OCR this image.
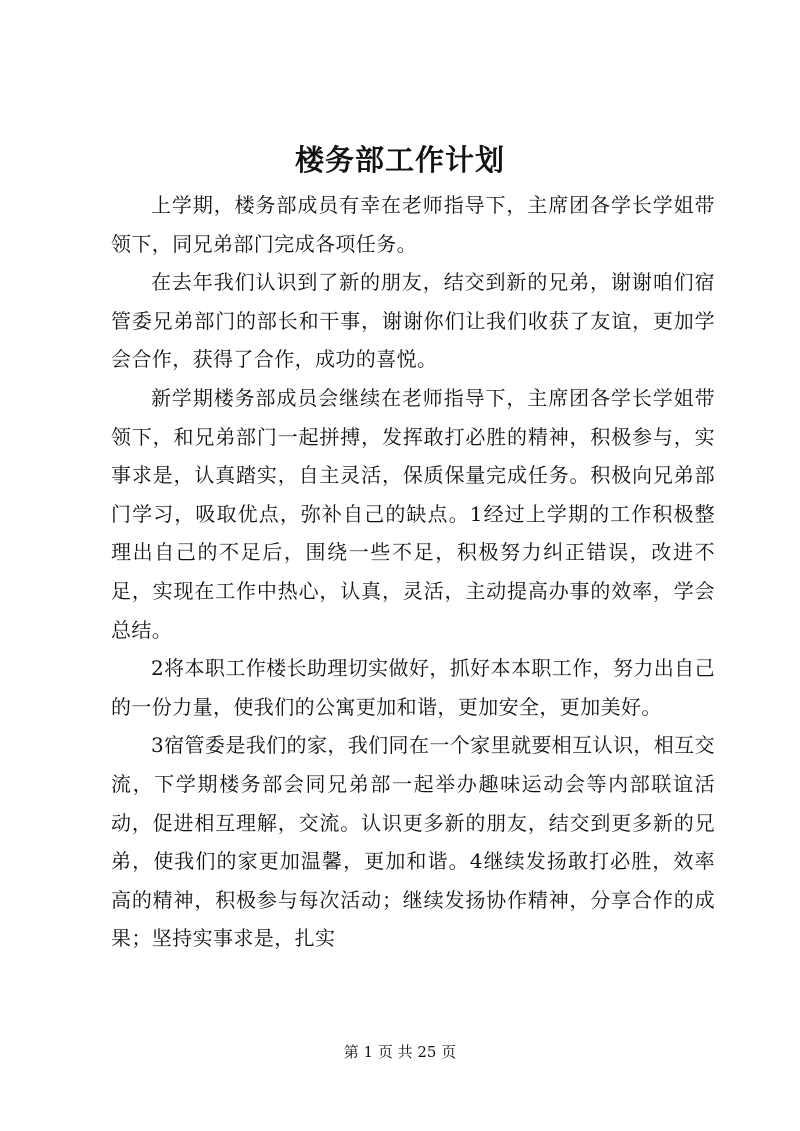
楼务部工作计划

上学期，楼务部成员有幸在老师指导下，主席团各学长学姐带领下，同兄弟部门完成各项任务。

在去年我们认识到了新的朋友，结交到新的兄弟，谢谢咱们宿管委兄弟部门的部长和干事，谢谢你们让我们收获了友谊，更加学会合作，获得了合作，成功的喜悦。

新学期楼务部成员会继续在老师指导下，主席团各学长学姐带领下，和兄弟部门一起拼搏，发挥敢打必胜的精神，积极参与，实事求是，认真踏实，自主灵活，保质保量完成任务。积极向兄弟部门学习，吸取优点，弥补自己的缺点。1经过上学期的工作积极整理出自己的不足后，围绕一些不足，积极努力纠正错误，改进不足，实现在工作中热心，认真，灵活，主动提高办事的效率，学会总结。

2将本职工作楼长助理切实做好，抓好本本职工作，努力出自己的一份力量，使我们的公寓更加和谐，更加安全，更加美好。

3宿管委是我们的家，我们同在一个家里就要相互认识，相互交流，下学期楼务部会同兄弟部一起举办趣味运动会等内部联谊活动，促进相互理解，交流。认识更多新的朋友，结交到更多新的兄弟，使我们的家更加温馨，更加和谐。4继续发扬敢打必胜，效率高的精神，积极参与每次活动；继续发扬协作精神，分享合作的成果；坚持实事求是，扎实

第 1 页 共 25 页
